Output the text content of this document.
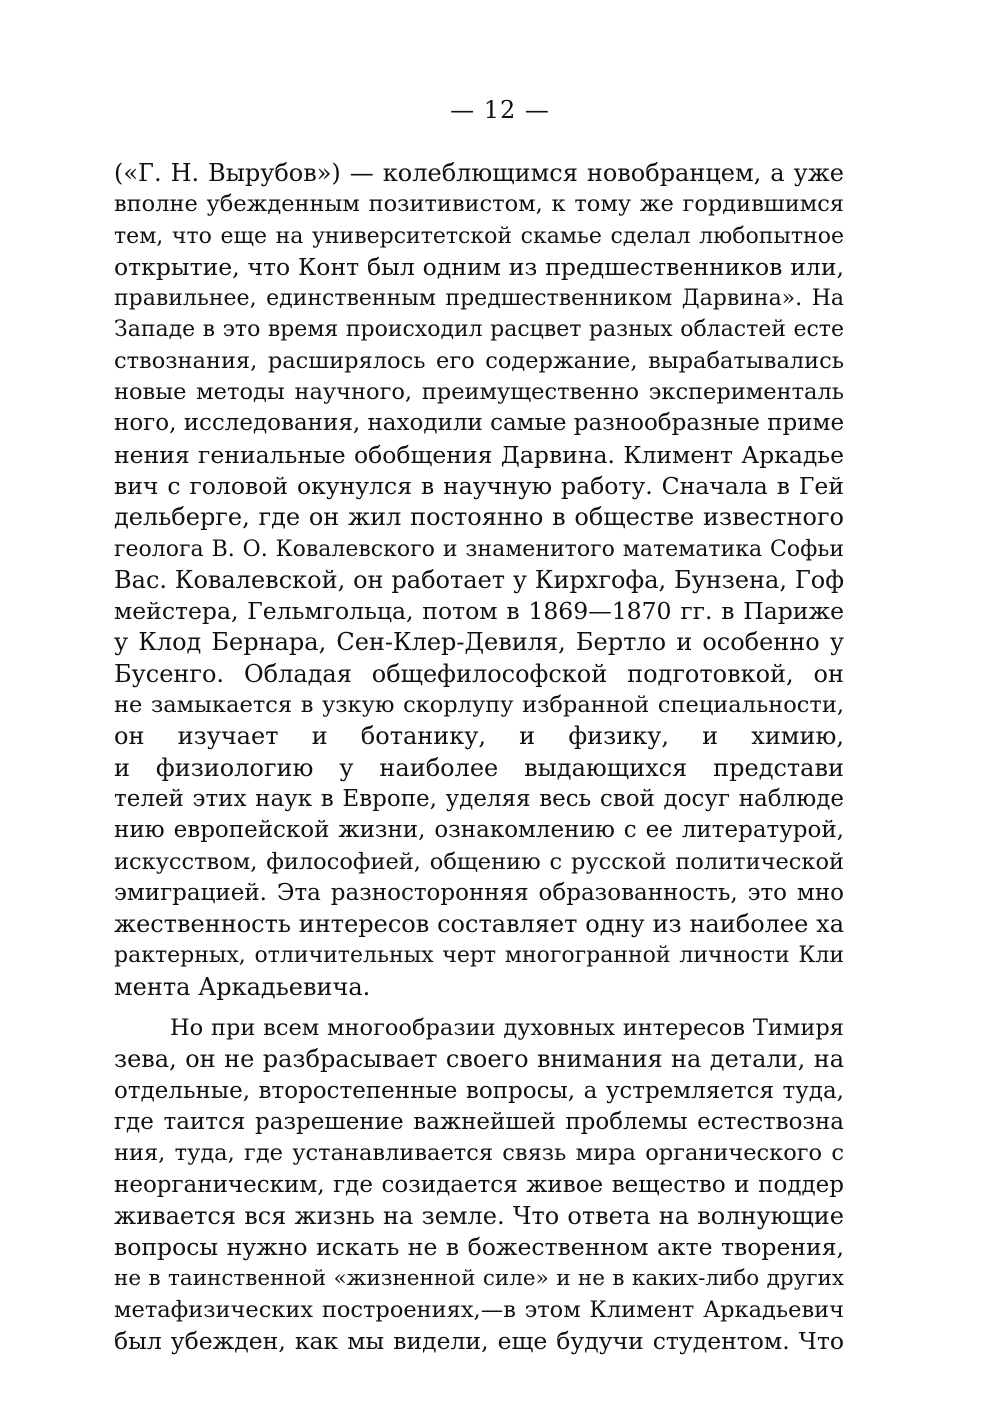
— 12 —
(«Г. Н. Вырубов») — колеблющимся новобранцем, а уже
вполне убежденным позитивистом, к тому же гордившимся
тем, что еще на университетской скамье сделал любопытное
открытие, что Конт был одним из предшественников или,
правильнее, единственным предшественником Дарвина». На
Западе в это время происходил расцвет разных областей есте
ствознания, расширялось его содержание, вырабатывались
новые методы научного, преимущественно эксперименталь
ного, исследования, находили самые разнообразные приме
нения гениальные обобщения Дарвина. Климент Аркадье
вич с головой окунулся в научную работу. Сначала в Гей
дельберге, где он жил постоянно в обществе известного
геолога В. О. Ковалевского и знаменитого математика Софьи
Вас. Ковалевской, он работает у Кирхгофа, Бунзена, Гоф
мейстера, Гельмгольца, потом в 1869—1870 гг. в Париже
у Клод Бернара, Сен-Клер-Девиля, Бертло и особенно у
Бусенго. Обладая общефилософской подготовкой, он
не замыкается в узкую скорлупу избранной специальности,
он изучает и ботанику, и физику, и химию,
и физиологию у наиболее выдающихся представи
телей этих наук в Европе, уделяя весь свой досуг наблюде
нию европейской жизни, ознакомлению с ее литературой,
искусством, философией, общению с русской политической
эмиграцией. Эта разносторонняя образованность, это мно
жественность интересов составляет одну из наиболее ха
рактерных, отличительных черт многогранной личности Кли
мента Аркадьевича.
Но при всем многообразии духовных интересов Тимиря
зева, он не разбрасывает своего внимания на детали, на
отдельные, второстепенные вопросы, а устремляется туда,
где таится разрешение важнейшей проблемы естествозна
ния, туда, где устанавливается связь мира органического с
неорганическим, где созидается живое вещество и поддер
живается вся жизнь на земле. Что ответа на волнующие
вопросы нужно искать не в божественном акте творения,
не в таинственной «жизненной силе» и не в каких-либо других
метафизических построениях,—в этом Климент Аркадьевич
был убежден, как мы видели, еще будучи студентом. Что
